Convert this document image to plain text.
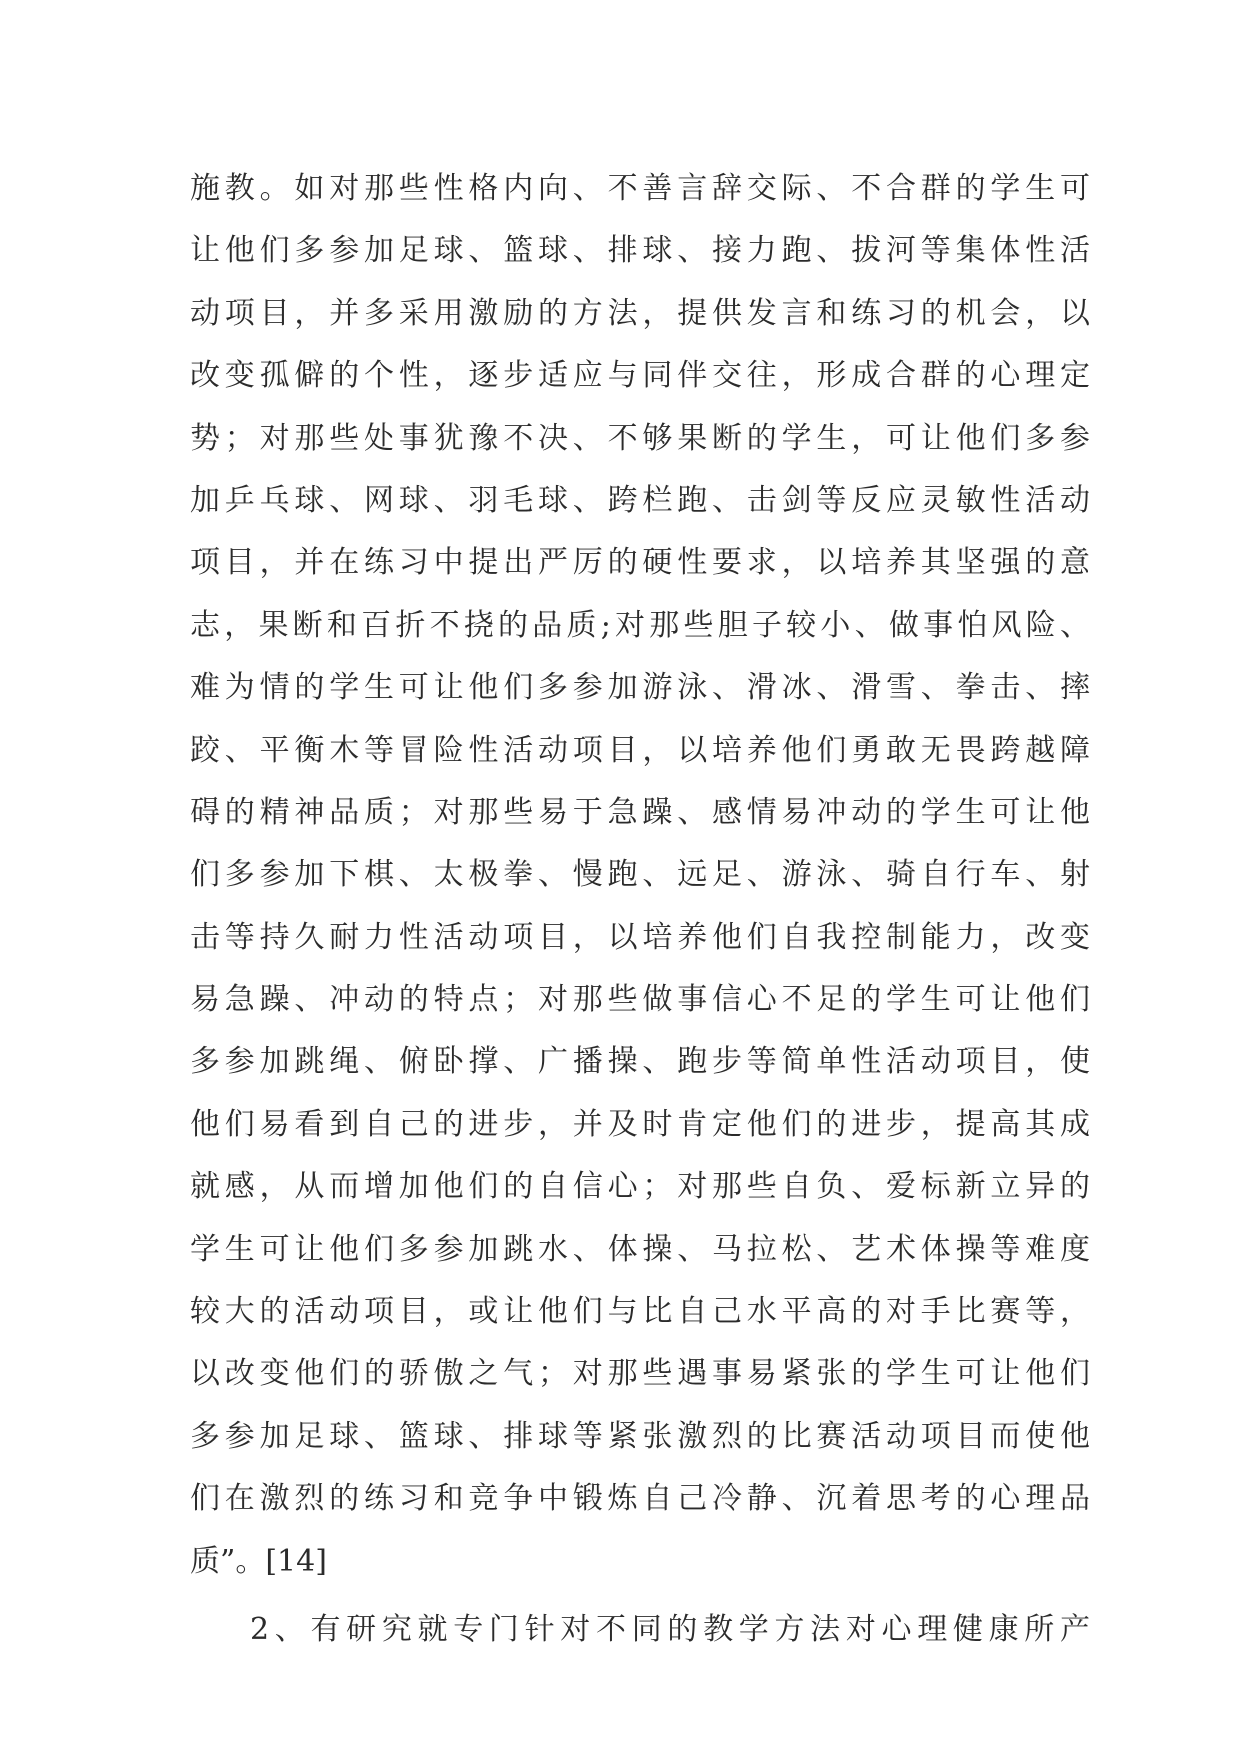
施教。如对那些性格内向、不善言辞交际、不合群的学生可
让他们多参加足球、篮球、排球、接力跑、拔河等集体性活
动项目，并多采用激励的方法，提供发言和练习的机会，以
改变孤僻的个性，逐步适应与同伴交往，形成合群的心理定
势；对那些处事犹豫不决、不够果断的学生，可让他们多参
加乒乓球、网球、羽毛球、跨栏跑、击剑等反应灵敏性活动
项目，并在练习中提出严厉的硬性要求，以培养其坚强的意
志，果断和百折不挠的品质;对那些胆子较小、做事怕风险、
难为情的学生可让他们多参加游泳、滑冰、滑雪、拳击、摔
跤、平衡木等冒险性活动项目，以培养他们勇敢无畏跨越障
碍的精神品质；对那些易于急躁、感情易冲动的学生可让他
们多参加下棋、太极拳、慢跑、远足、游泳、骑自行车、射
击等持久耐力性活动项目，以培养他们自我控制能力，改变
易急躁、冲动的特点；对那些做事信心不足的学生可让他们
多参加跳绳、俯卧撑、广播操、跑步等简单性活动项目，使
他们易看到自己的进步，并及时肯定他们的进步，提高其成
就感，从而增加他们的自信心；对那些自负、爱标新立异的
学生可让他们多参加跳水、体操、马拉松、艺术体操等难度
较大的活动项目，或让他们与比自己水平高的对手比赛等，
以改变他们的骄傲之气；对那些遇事易紧张的学生可让他们
多参加足球、篮球、排球等紧张激烈的比赛活动项目而使他
们在激烈的练习和竞争中锻炼自己冷静、沉着思考的心理品
质”。[14]
2、有研究就专门针对不同的教学方法对心理健康所产
